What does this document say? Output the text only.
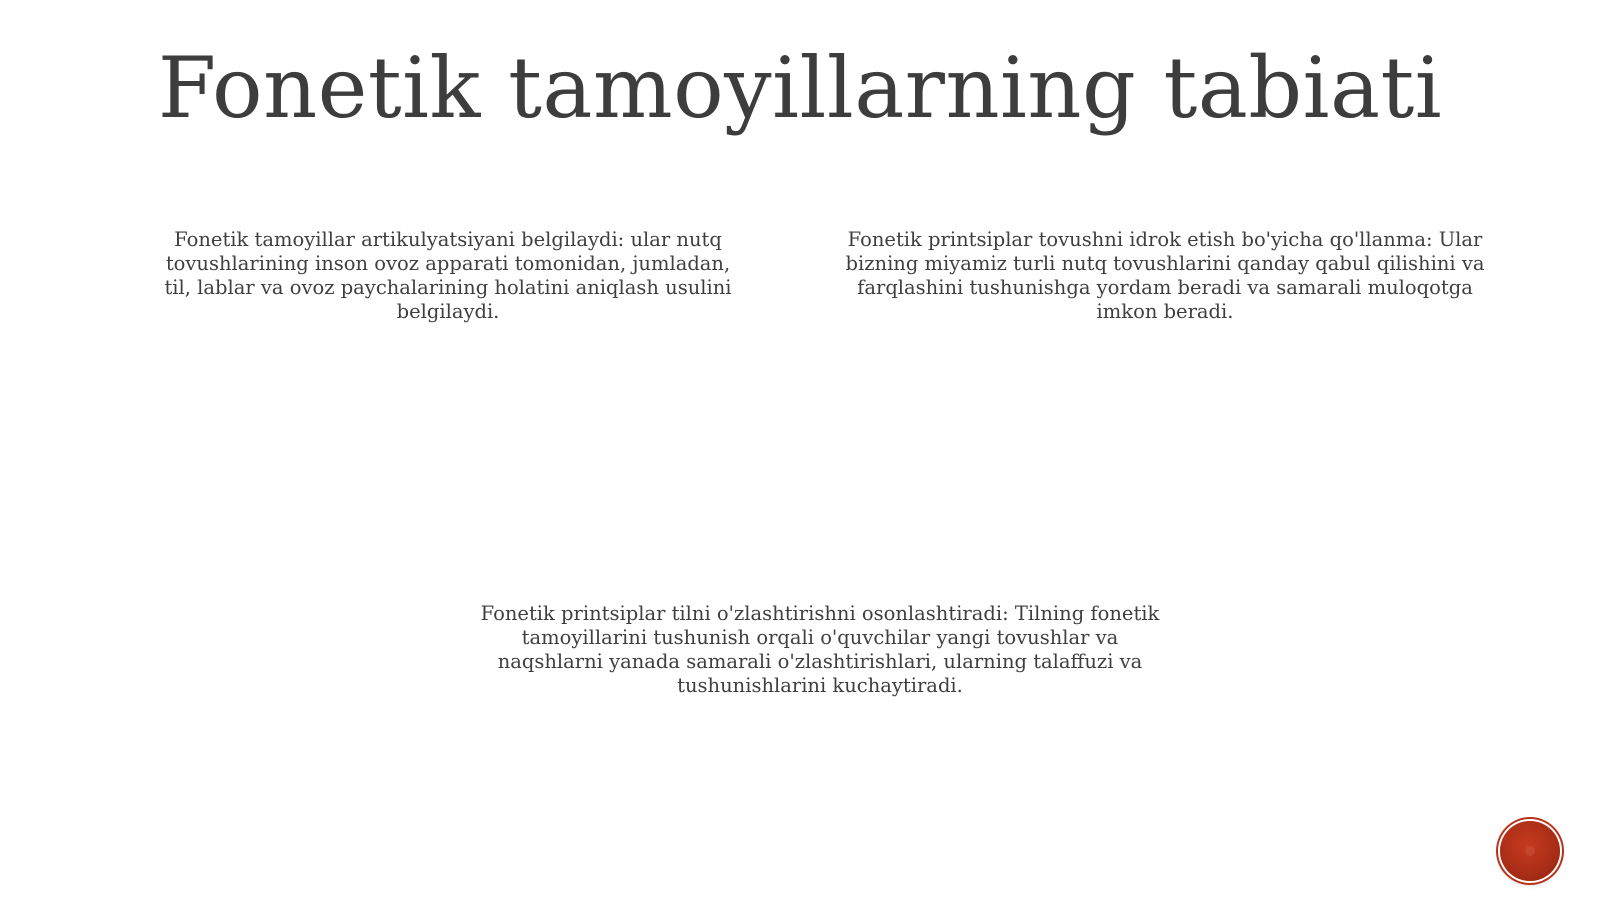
Fonetik tamoyillarning tabiati

Fonetik tamoyillar artikulyatsiyani belgilaydi: ular nutq tovushlarining inson ovoz apparati tomonidan, jumladan, til, lablar va ovoz paychalarining holatini aniqlash usulini belgilaydi.

Fonetik printsiplar tovushni idrok etish bo'yicha qo'llanma: Ular bizning miyamiz turli nutq tovushlarini qanday qabul qilishini va farqlashini tushunishga yordam beradi va samarali muloqotga imkon beradi.

Fonetik printsiplar tilni o'zlashtirishni osonlashtiradi: Tilning fonetik tamoyillarini tushunish orqali o'quvchilar yangi tovushlar va naqshlarni yanada samarali o'zlashtirishlari, ularning talaffuzi va tushunishlarini kuchaytiradi.
